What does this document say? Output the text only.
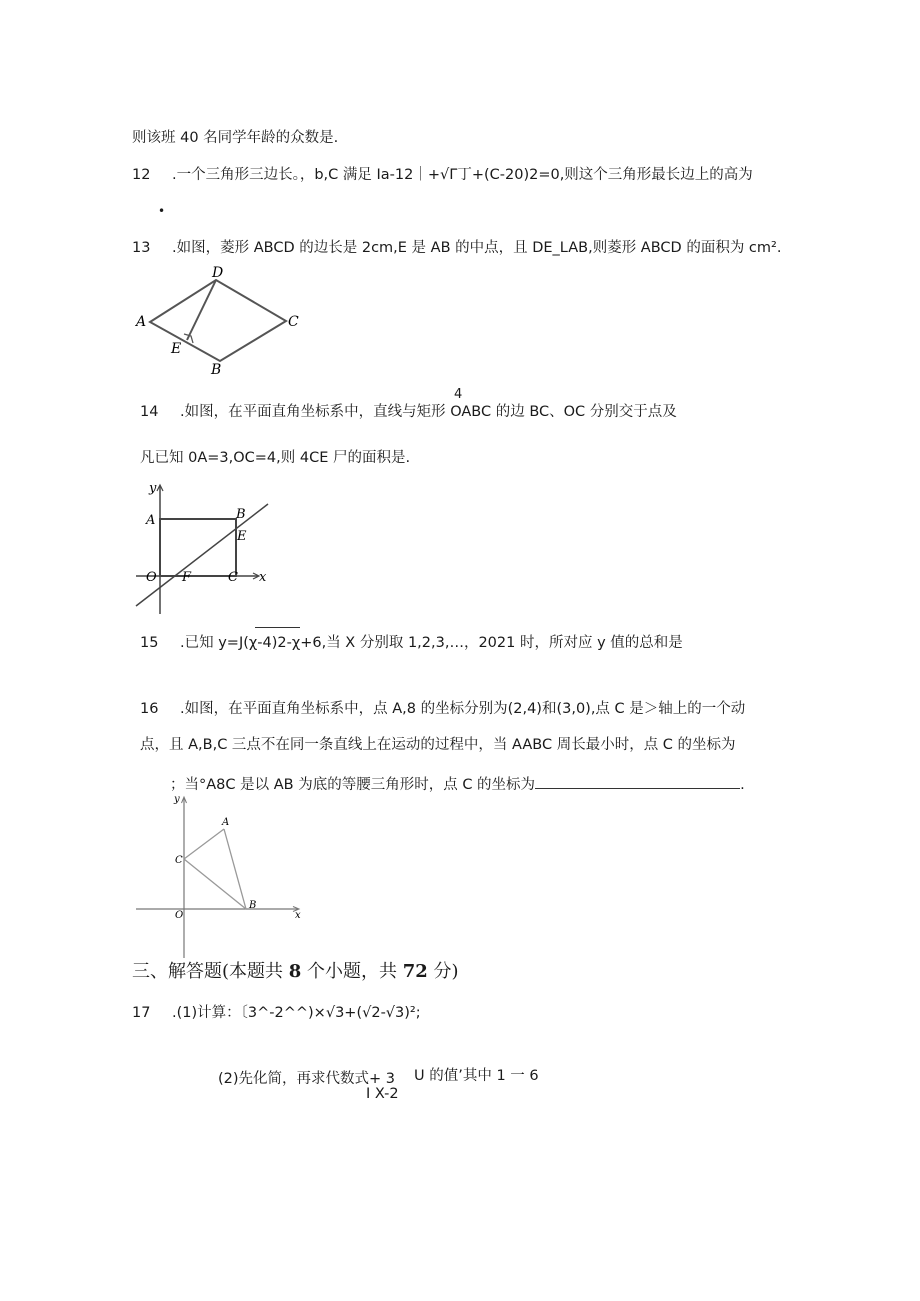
则该班 40 名同学年龄的众数是.
12 .一个三角形三边长。，b,C 满足 Ia-12｜+√Γ丁+(C-20)2=0,则这个三角形最长边上的高为
•
13 .如图，菱形 ABCD 的边长是 2cm,E 是 AB 的中点，且 DE_LAB,则菱形 ABCD 的面积为 cm².
A
D
C
E
B
4
14 .如图，在平面直角坐标系中，直线与矩形 OABC 的边 BC、OC 分别交于点及
凡已知 0A=3,OC=4,则 4CE 尸的面积是.
y
A	B
E
O F	C x
15 .已知 y=J(χ-4)2-χ+6,当 X 分别取 1,2,3,…，2021 时，所对应 y 值的总和是
16 .如图，在平面直角坐标系中，点 A,8 的坐标分别为(2,4)和(3,0),点 C 是＞轴上的一个动
点，且 A,B,C 三点不在同一条直线上在运动的过程中，当 AABC 周长最小时，点 C 的坐标为
；当°A8C 是以 AB 为底的等腰三角形时，点 C 的坐标为	.
y
A
C
O
B
x
三、解答题(本题共 8 个小题，共 72 分)
17 .(1)计算：〔3^-2^^)×√3+(√2-√3)²;
(2)先化简，再求代数式+ 3 U 的值’其中 1 一 6
I X-2
